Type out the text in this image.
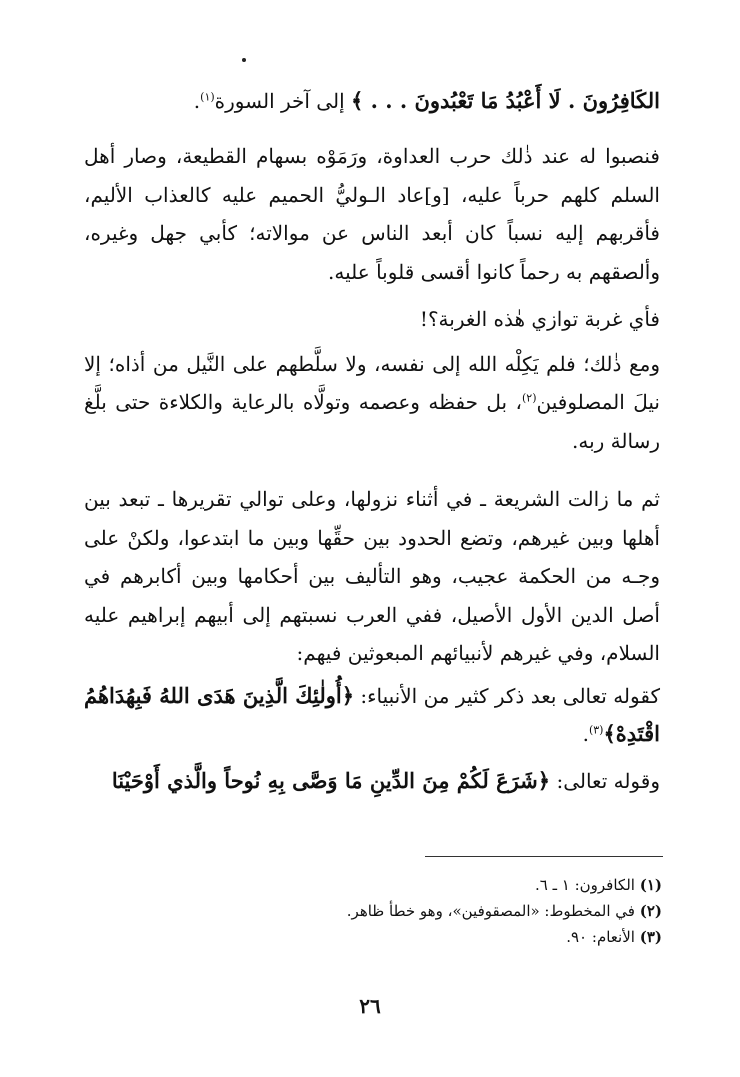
الكَافِرُونَ . لَا أَعْبُدُ مَا تَعْبُدونَ . . . ﴾ إلى آخر السورة$^{(١)}$.

فنصبوا له عند ذٰلك حرب العداوة، ورَمَوْه بسهام القطيعة، وصار أهل السلم كلهم حرباً عليه، [و]عاد الـوليُّ الحميم عليه كالعذاب الأليم، فأقربهم إليه نسباً كان أبعد الناس عن موالاته؛ كأبي جهل وغيره، وألصقهم به رحماً كانوا أقسى قلوباً عليه.

فأي غربة توازي هٰذه الغربة؟!

ومع ذٰلك؛ فلم يَكِلْه الله إلى نفسه، ولا سلَّطهم على النَّيل من أذاه؛ إلا نيلَ المصلوفين$^{(٢)}$، بل حفظه وعصمه وتولَّاه بالرعاية والكلاءة حتى بلَّغ رسالة ربه.

ثم ما زالت الشريعة ـ في أثناء نزولها، وعلى توالي تقريرها ـ تبعد بين أهلها وبين غيرهم، وتضع الحدود بين حقِّها وبين ما ابتدعوا، ولكنْ على وجـه من الحكمة عجيب، وهو التأليف بين أحكامها وبين أكابرهم في أصل الدين الأول الأصيل، ففي العرب نسبتهم إلى أبيهم إبراهيم عليه السلام، وفي غيرهم لأنبيائهم المبعوثين فيهم:

كقوله تعالى بعد ذكر كثير من الأنبياء: ﴿أُولٰئِكَ الَّذِينَ هَدَى اللهُ فَبِهُدَاهُمُ اقْتَدِهْ﴾$^{(٣)}$.

وقوله تعالى: ﴿شَرَعَ لَكُمْ مِنَ الدِّينِ مَا وَصَّى بِهِ نُوحاً والَّذي أَوْحَيْنَا

(١) الكافرون: ١ ـ ٦.

(٢) في المخطوط: «المصقوفين»، وهو خطأ ظاهر.

(٣) الأنعام: ٩٠.

٢٦
